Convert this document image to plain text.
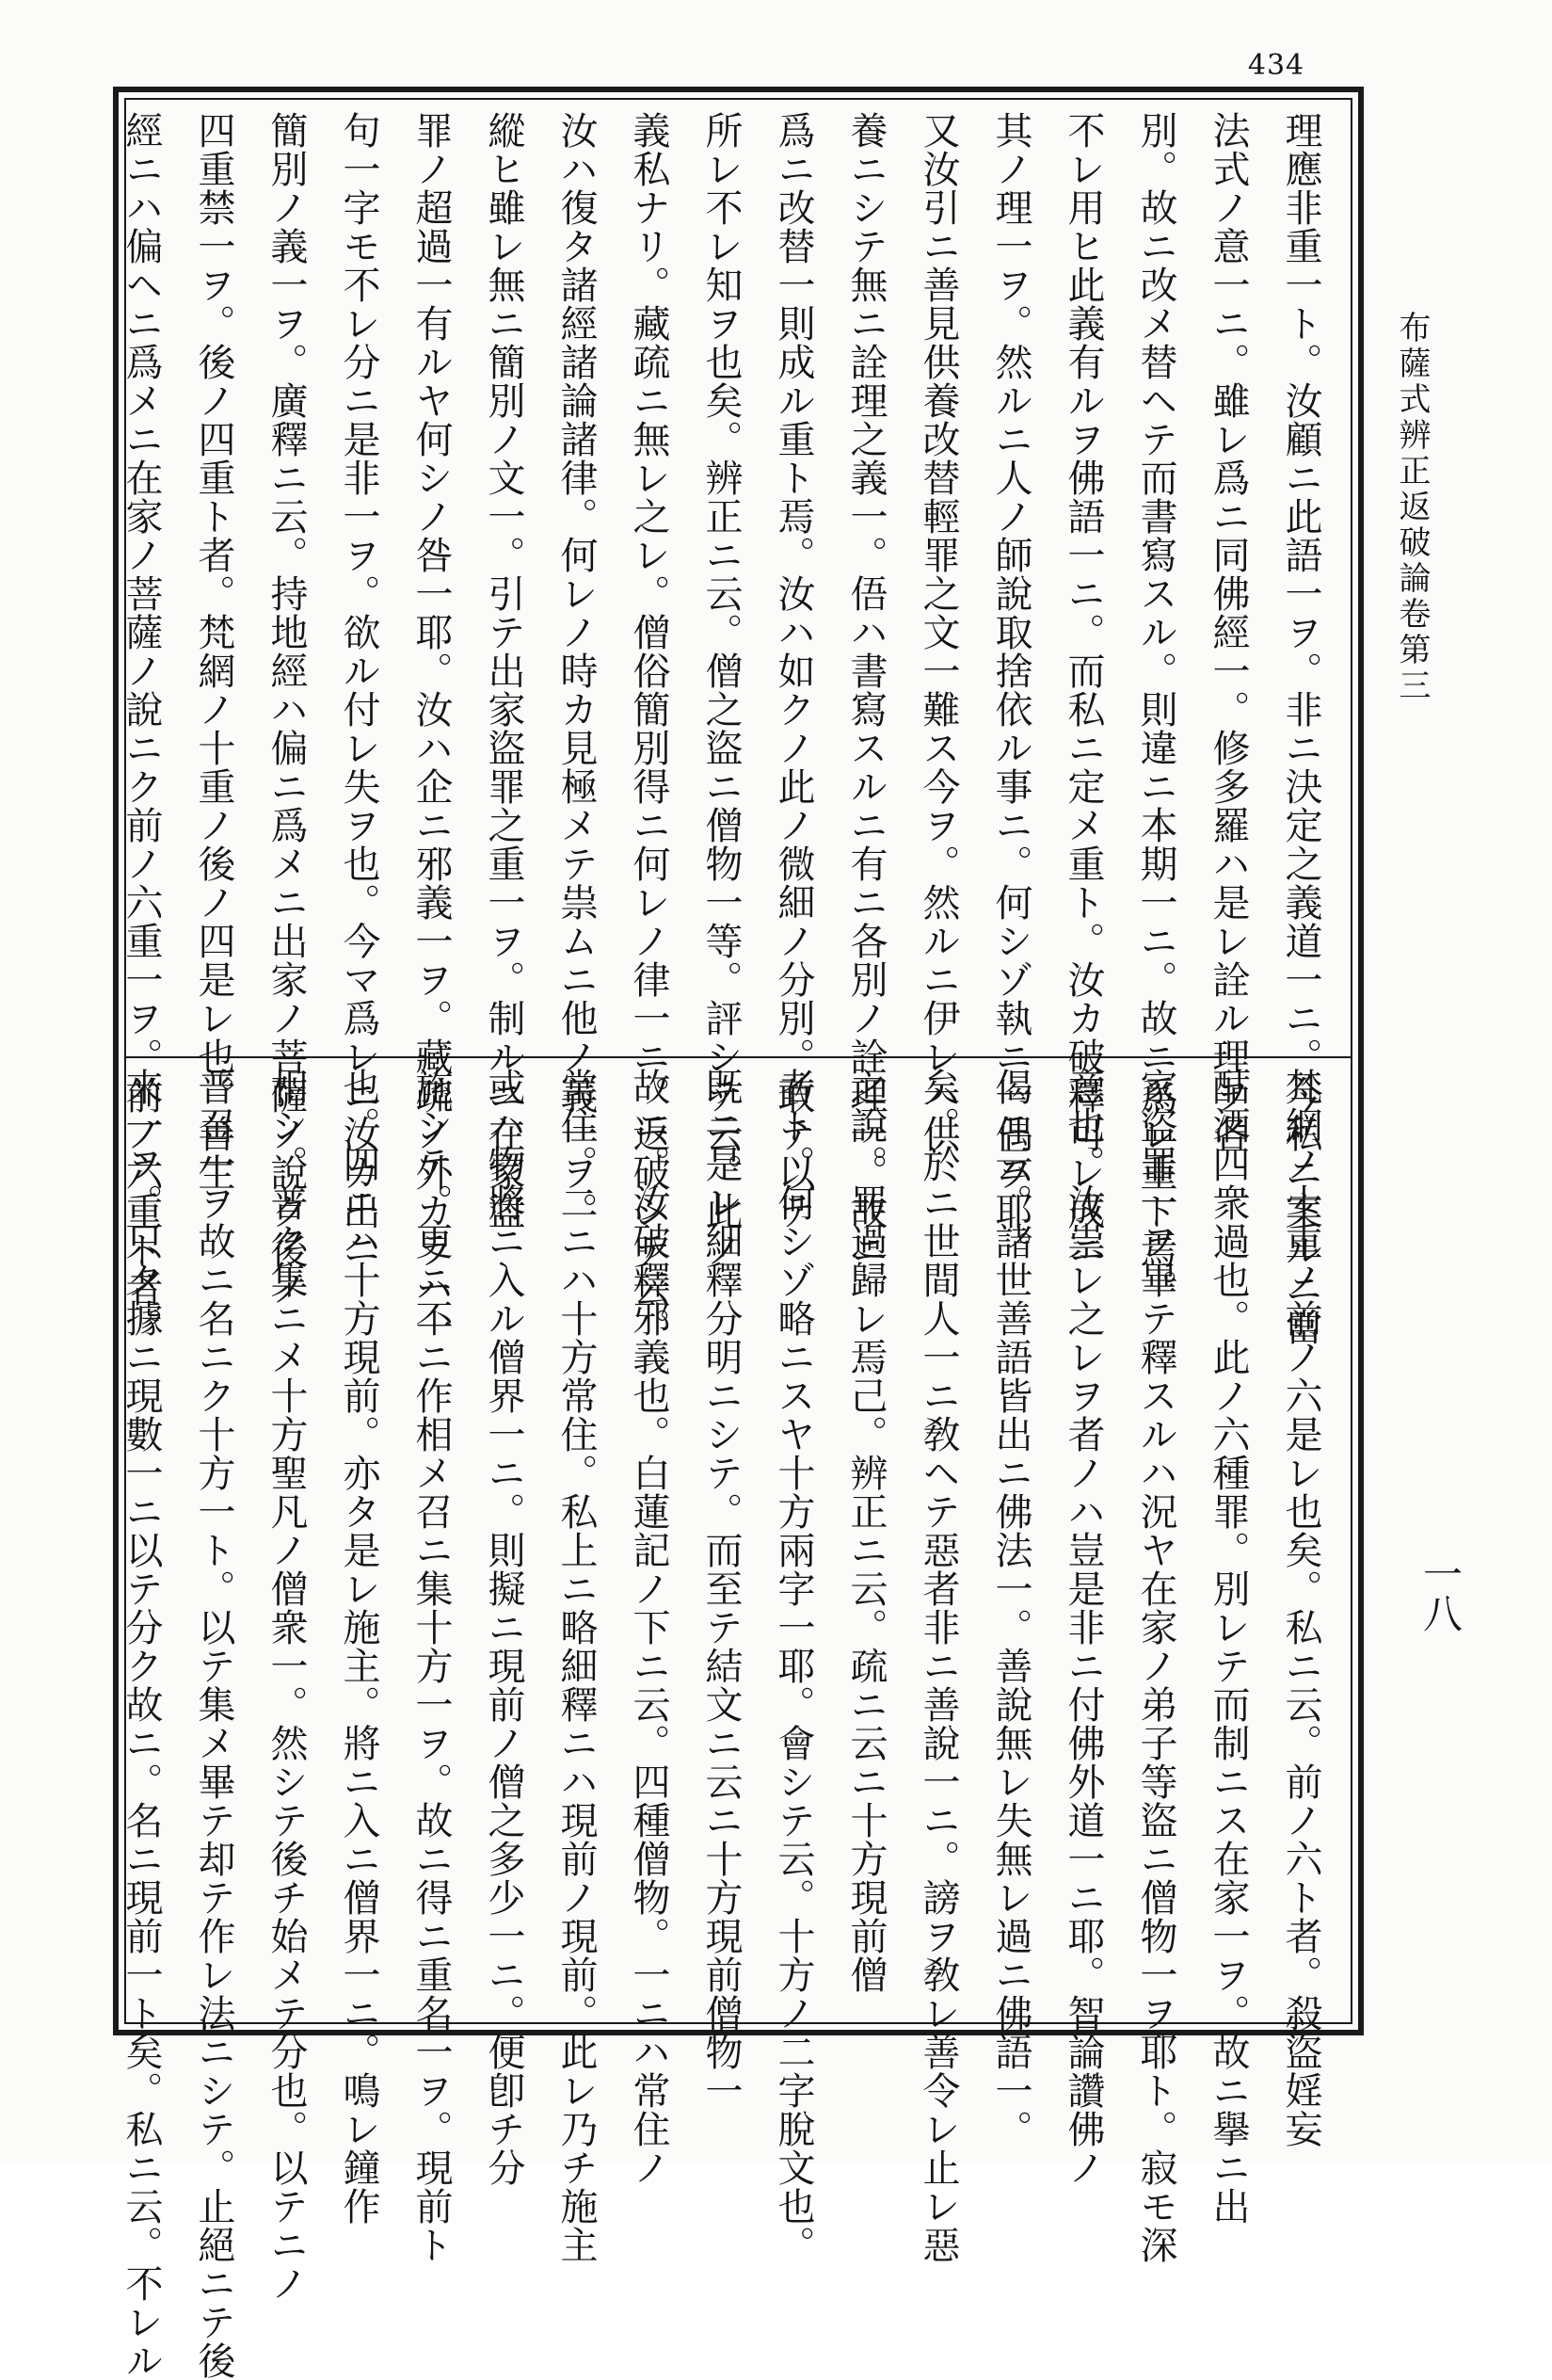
434
布薩式辨正返破論卷第三
一八
理應非重一ト。汝顧ニ此語一ヲ。非ニ決定之義道一ニ。今私ニ案ルニ當
法式ノ意一ニ。雖レ爲ニ同佛經一。修多羅ハ是レ詮ル理ヲ各
別。故ニ改メ替ヘテ而書寫スル。則違ニ本期一ニ。故ニ爲レ重ト焉。
不レ用ヒ此義有ルヲ佛語一ニ。而私ニ定メ重ト。汝カ破釋可レ成ニ
其ノ理一ヲ。然ルニ人ノ師說取捨依ル事ニ。何シゾ執ニ一偶ヲ耶。
又汝引ニ善見供養改替輕罪之文一難ス今ヲ。然ルニ伊レハ供
養ニシテ無ニ詮理之義一。俉ハ書寫スルニ有ニ各別ノ詮理一。故ニ
爲ニ改替一則成ル重ト焉。汝ハ如クノ此ノ微細ノ分別。敢テ以テ
所レ不レ知ヲ也矣。辨正ニ云。僧之盜ニ僧物一等。評シテ云。此ノ
義私ナリ。藏疏ニ無レ之レ。僧俗簡別得ニ何レノ律一ニ。返破シテ云。
汝ハ復タ諸經諸論諸律。何レノ時カ見極メテ祟ムニ他ノ義一ヲ。
縱ヒ雖レ無ニ簡別ノ文一。引テ出家盜罪之重一ヲ。制ルニ在家盜
罪ノ超過一有ルヤ何シノ咎一耶。汝ハ企ニ邪義一ヲ。藏疏ノ外カラハ一
句一字モ不レ分ニ是非一ヲ。欲ル付レ失ヲ也。今マ爲レニ汝カ出ニ
簡別ノ義一ヲ。廣釋ニ云。持地經ハ偏ニ爲メニ出家ノ菩薩ノ說ク後ノ
四重禁一ヲ。後ノ四重ト者。梵網ノ十重ノ後ノ四是レ也。善生
經ニハ偏ヘニ爲メニ在家ノ菩薩ノ說ニク前ノ六重一ヲ。前ノ六重ト者。
梵網ノ十重ノ前ノ六是レ也矣。私ニ云。前ノ六ト者。殺盜婬妄
酤酒四衆過也。此ノ六種罪。別レテ而制ニス在家一ヲ。故ニ擧ニ出
家盜罪一ヲ畢テ釋スルハ況ヤ在家ノ弟子等盜ニ僧物一ヲ耶ト。寂モ深
意也。汝祟レ之レヲ者ノハ豈是非ニ付佛外道一ニ耶。智論讚佛ノ
偈ニ云。諸世善語皆出ニ佛法一。善說無レ失無レ過ニ佛語一。
矣。於ニ世間人一ニ敎ヘテ惡者非ニ善說一ニ。謗ヲ敎レ善令レ止レ惡
之說。罪過歸レ焉己。辨正ニ云。疏ニ云ニ十方現前僧
者ト。何シゾ略ニスヤ十方兩字一耶。會シテ云。十方ノ二字脫文也。
既ニ是レ細釋分明ニシテ。而至テ結文ニ云ニ十方現前僧物一
故ニ。汝破釋邪義也。白蓮記ノ下ニ云。四種僧物。一ニハ常住ノ
常住。二ニハ十方常住。私上ニ略細釋ニハ現前ノ現前。此レ乃チ施主
或ハ物將ニ入ル僧界一ニ。則擬ニ現前ノ僧之多少一ニ。便卽チ分
施シテ。更ニ不ニ作相メ召ニ集十方一ヲ。故ニ得ニ重名一ヲ。現前ト
也。四ニハ十方現前。亦タ是レ施主。將ニ入ニ僧界一ニ。鳴レ鐘作
相シ。普ク集ニメ十方聖凡ノ僧衆一。然シテ後チ始メテ分也。以テニノ
普召一ヲ故ニ名ニク十方一ト。以テ集メ畢テ却テ作レ法ニシテ。止絕ニテ後
來一ヲ。只タ據ニ現數一ニ以テ分ク故ニ。名ニ現前一ト矣。私ニ云。不レル
